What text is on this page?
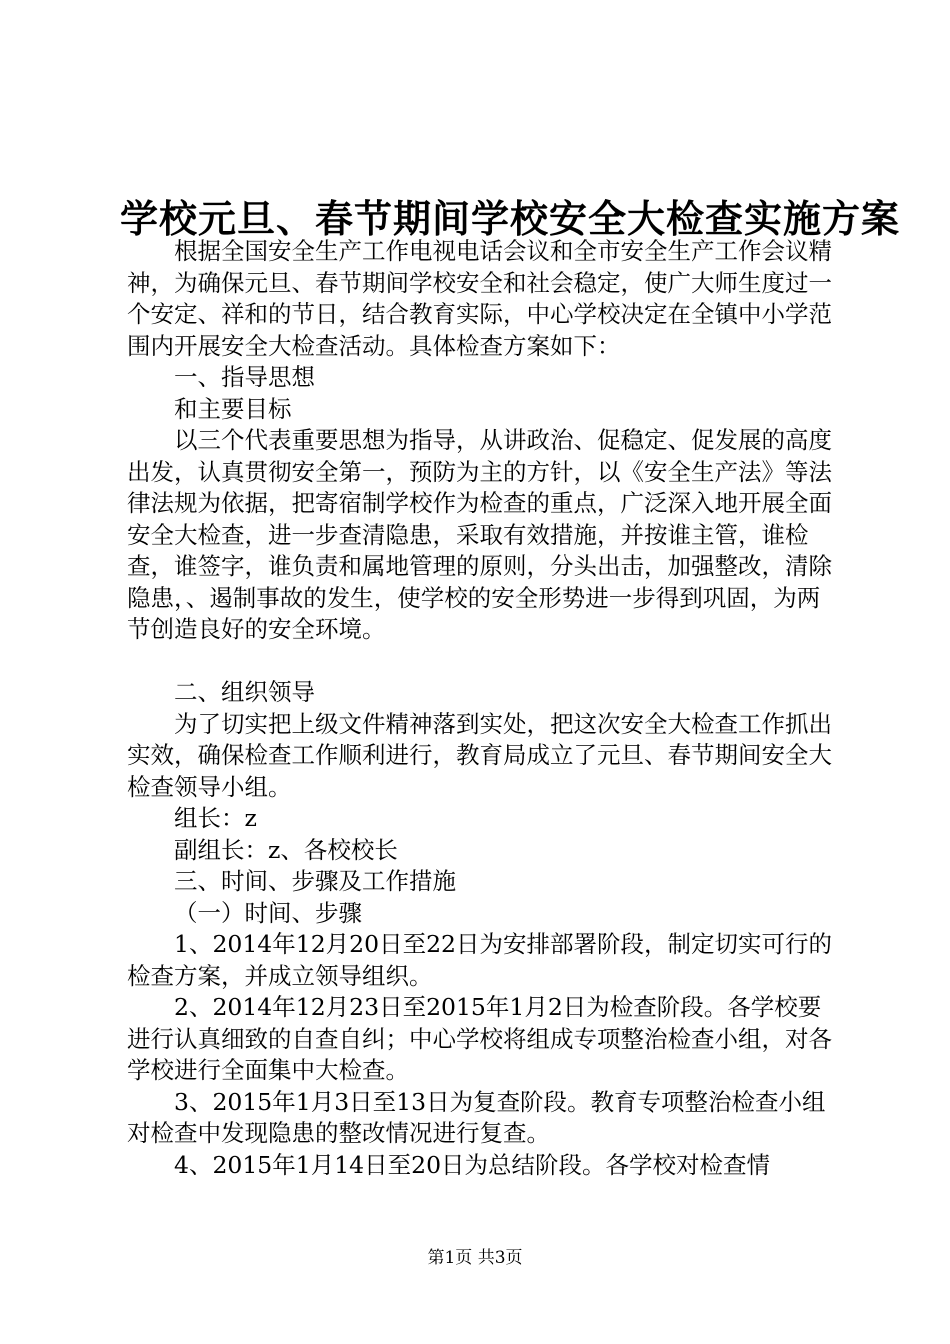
学校元旦、春节期间学校安全大检查实施方案

根据全国安全生产工作电视电话会议和全市安全生产工作会议精神，为确保元旦、春节期间学校安全和社会稳定，使广大师生度过一个安定、祥和的节日，结合教育实际，中心学校决定在全镇中小学范围内开展安全大检查活动。具体检查方案如下：

一、指导思想

和主要目标

以三个代表重要思想为指导，从讲政治、促稳定、促发展的高度出发，认真贯彻安全第一，预防为主的方针，以《安全生产法》等法律法规为依据，把寄宿制学校作为检查的重点，广泛深入地开展全面安全大检查，进一步查清隐患，采取有效措施，并按谁主管，谁检查，谁签字，谁负责和属地管理的原则，分头出击，加强整改，清除隐患，、遏制事故的发生，使学校的安全形势进一步得到巩固，为两节创造良好的安全环境。

二、组织领导

为了切实把上级文件精神落到实处，把这次安全大检查工作抓出实效，确保检查工作顺利进行，教育局成立了元旦、春节期间安全大检查领导小组。

组长：z

副组长：z、各校校长

三、时间、步骤及工作措施

（一）时间、步骤

1、2014年12月20日至22日为安排部署阶段，制定切实可行的检查方案，并成立领导组织。

2、2014年12月23日至2015年1月2日为检查阶段。各学校要进行认真细致的自查自纠；中心学校将组成专项整治检查小组，对各学校进行全面集中大检查。

3、2015年1月3日至13日为复查阶段。教育专项整治检查小组对检查中发现隐患的整改情况进行复查。

4、2015年1月14日至20日为总结阶段。各学校对检查情

第1页 共3页
